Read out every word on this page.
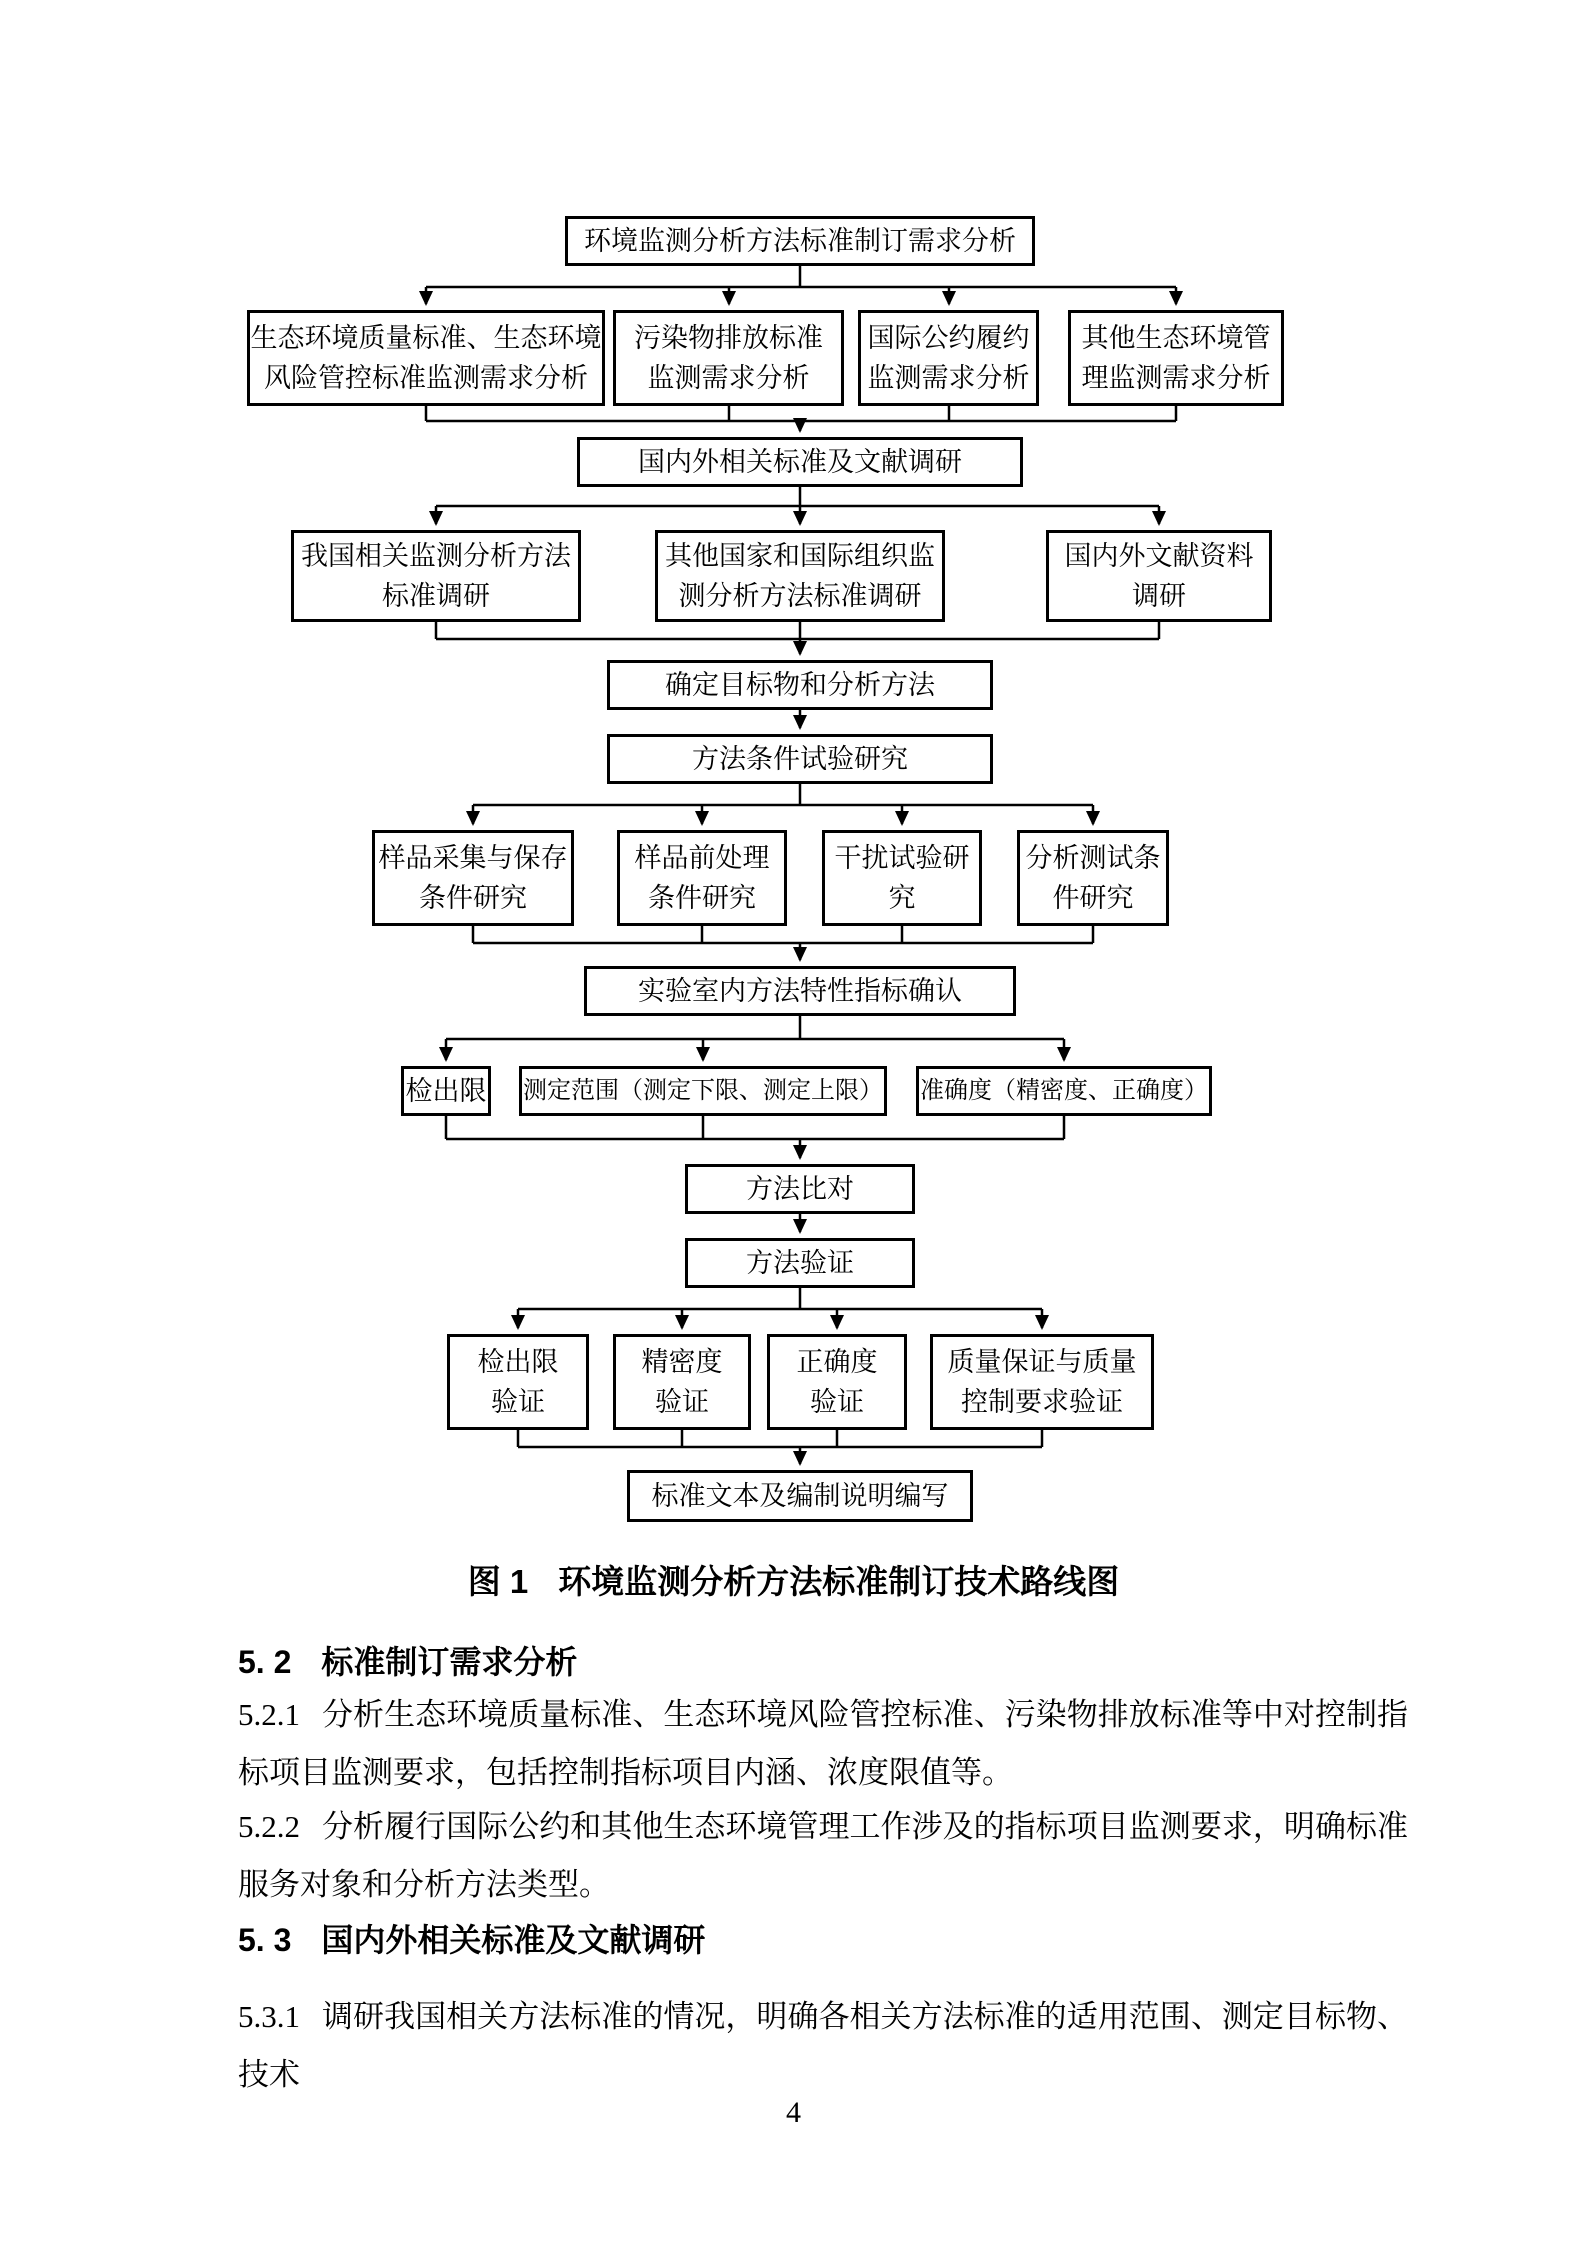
环境监测分析方法标准制订需求分析
生态环境质量标准、生态环境
风险管控标准监测需求分析
污染物排放标准
监测需求分析
国际公约履约
监测需求分析
其他生态环境管
理监测需求分析
国内外相关标准及文献调研
我国相关监测分析方法
标准调研
其他国家和国际组织监
测分析方法标准调研
国内外文献资料
调研
确定目标物和分析方法
方法条件试验研究
样品采集与保存
条件研究
样品前处理
条件研究
干扰试验研
究
分析测试条
件研究
实验室内方法特性指标确认
检出限 测定范围（测定下限、测定上限） 准确度（精密度、正确度）
方法比对
方法验证
检出限
验证
精密度
验证
正确度
验证
质量保证与质量
控制要求验证
标准文本及编制说明编写
图 1 环境监测分析方法标准制订技术路线图
5. 2 标准制订需求分析
5.2.1 分析生态环境质量标准、生态环境风险管控标准、污染物排放标准等中对控制指标项目监测要求，包括控制指标项目内涵、浓度限值等。
5.2.2 分析履行国际公约和其他生态环境管理工作涉及的指标项目监测要求，明确标准服务对象和分析方法类型。
5. 3 国内外相关标准及文献调研
5.3.1 调研我国相关方法标准的情况，明确各相关方法标准的适用范围、测定目标物、技术
4
